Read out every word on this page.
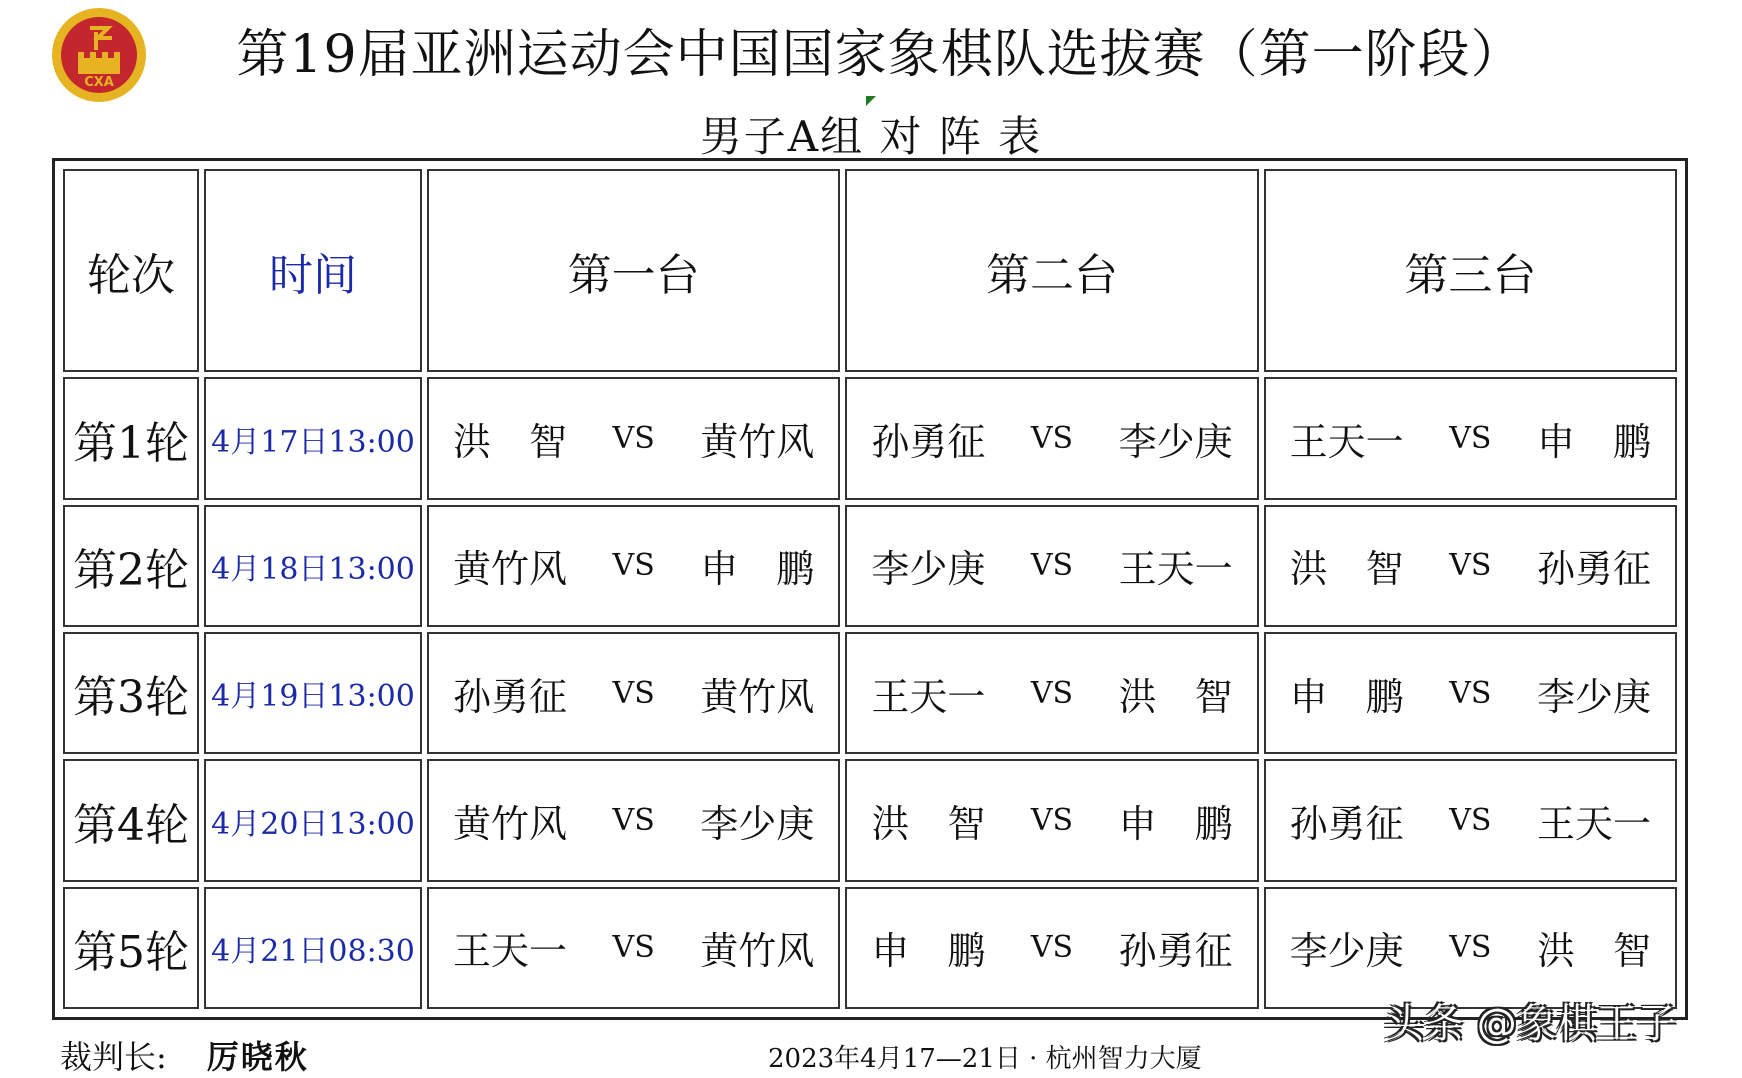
CXA	第19届亚洲运动会中国国家象棋队选拔赛（第一阶段）
男子A组 对 阵 表
轮次	时间	第一台	第二台	第三台
第1轮	4月17日13:00	洪　智 VS 黄竹风	孙勇征 VS 李少庚	王天一 VS 申　鹏

第2轮	4月18日13:00	黄竹风 VS 申　鹏	李少庚 VS 王天一	洪　智 VS 孙勇征

第3轮	4月19日13:00	孙勇征 VS 黄竹风	王天一 VS 洪　智	申　鹏 VS 李少庚

第4轮	4月20日13:00	黄竹风 VS 李少庚	洪　智 VS 申　鹏	孙勇征 VS 王天一

第5轮	4月21日08:30	王天一 VS 黄竹风	申　鹏 VS 孙勇征	李少庚 VS 洪　智
裁判长: 厉晓秋	2023年4月17—21日 · 杭州智力大厦
头条 @象棋王子
